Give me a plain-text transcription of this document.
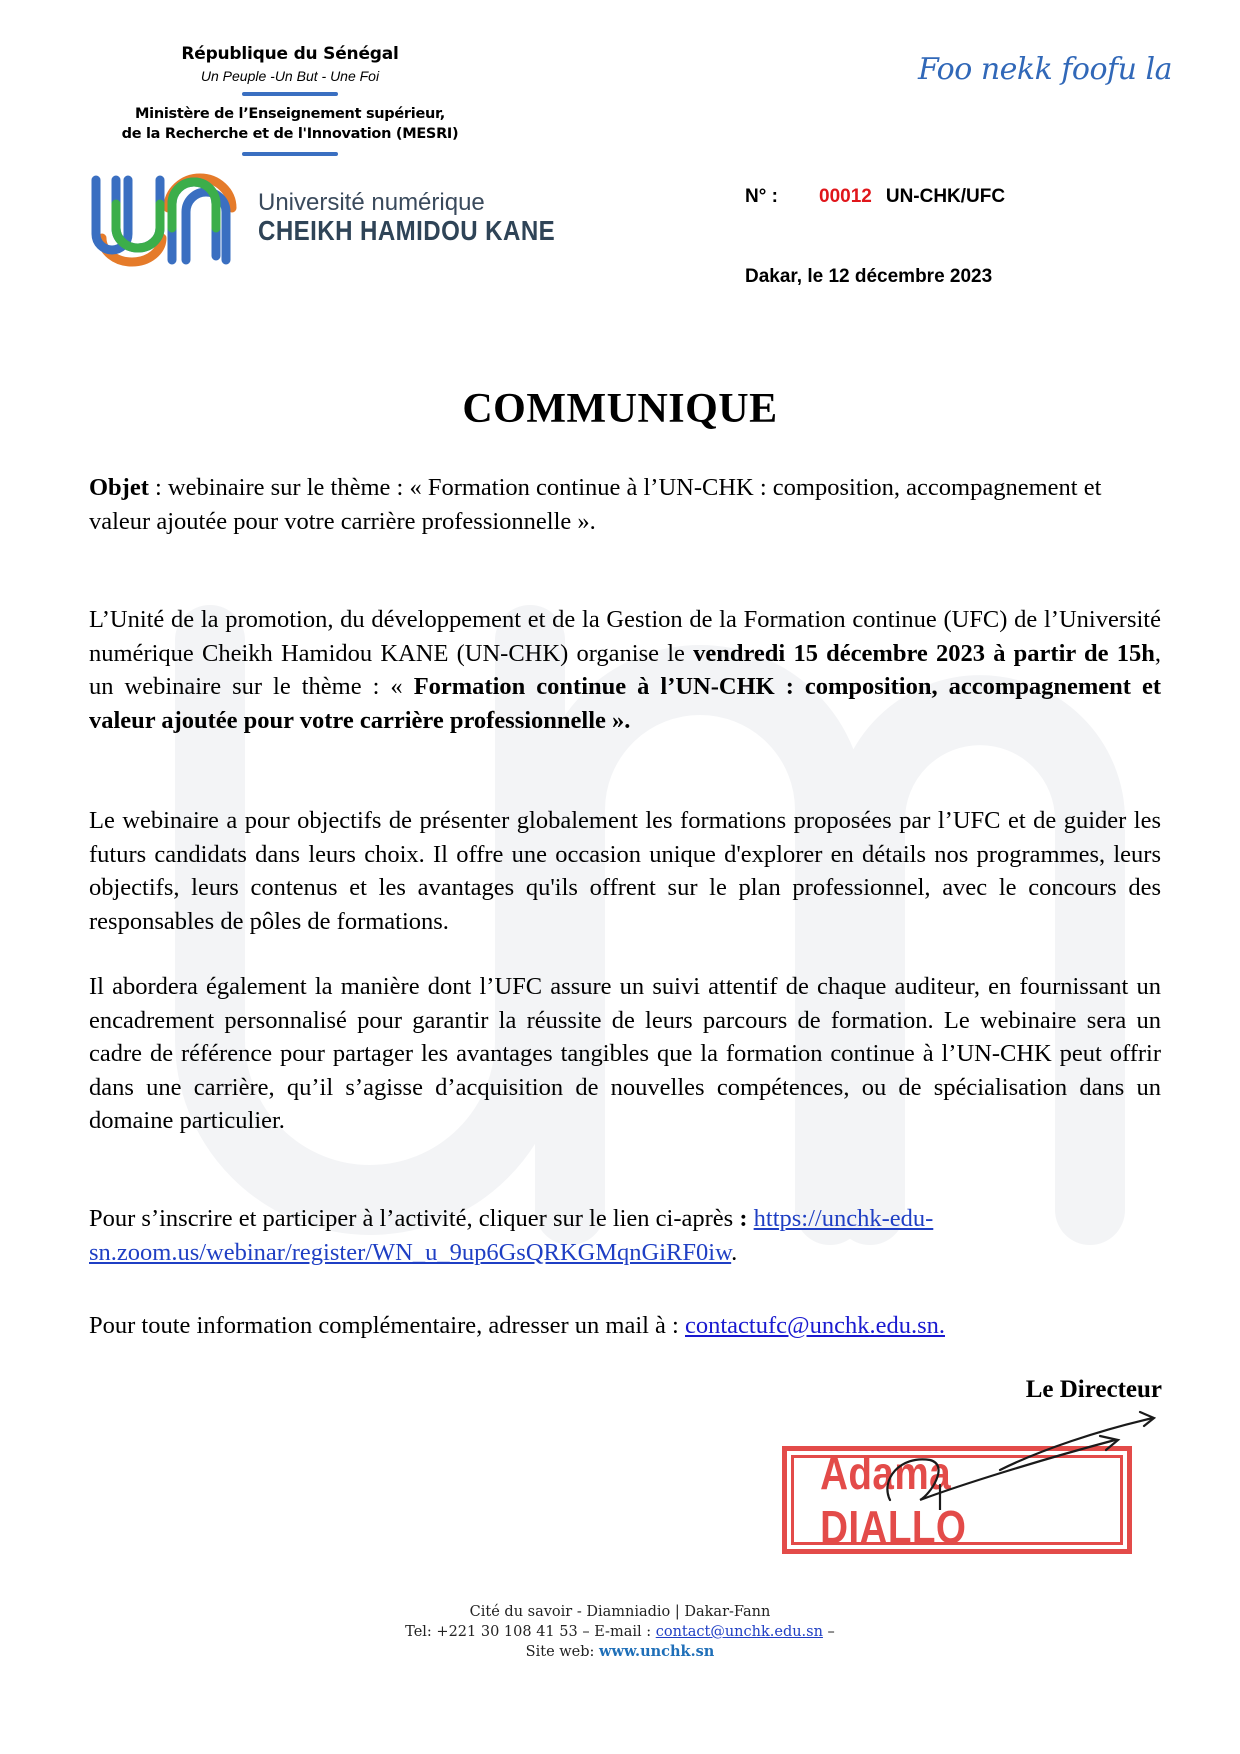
République du Sénégal
Un Peuple -Un But - Une Foi
Ministère de l’Enseignement supérieur,
de la Recherche et de l'Innovation (MESRI)
Université numérique
CHEIKH HAMIDOU KANE
Foo nekk foofu la
N° : 00012 UN-CHK/UFC
Dakar, le 12 décembre 2023
COMMUNIQUE
Objet : webinaire sur le thème : « Formation continue à l’UN-CHK : composition, accompagnement et valeur ajoutée pour votre carrière professionnelle ».
L’Unité de la promotion, du développement et de la Gestion de la Formation continue (UFC) de l’Université numérique Cheikh Hamidou KANE (UN-CHK) organise le vendredi 15 décembre 2023 à partir de 15h, un webinaire sur le thème : « Formation continue à l’UN-CHK : composition, accompagnement et valeur ajoutée pour votre carrière professionnelle ».
Le webinaire a pour objectifs de présenter globalement les formations proposées par l’UFC et de guider les futurs candidats dans leurs choix. Il offre une occasion unique d'explorer en détails nos programmes, leurs objectifs, leurs contenus et les avantages qu'ils offrent sur le plan professionnel, avec le concours des responsables de pôles de formations.
Il abordera également la manière dont l’UFC assure un suivi attentif de chaque auditeur, en fournissant un encadrement personnalisé pour garantir la réussite de leurs parcours de formation. Le webinaire sera un cadre de référence pour partager les avantages tangibles que la formation continue à l’UN-CHK peut offrir dans une carrière, qu’il s’agisse d’acquisition de nouvelles compétences, ou de spécialisation dans un domaine particulier.
Pour s’inscrire et participer à l’activité, cliquer sur le lien ci-après : https://unchk-edu-sn.zoom.us/webinar/register/WN_u_9up6GsQRKGMqnGiRF0iw.
Pour toute information complémentaire, adresser un mail à : contactufc@unchk.edu.sn.
Le Directeur
Adama DIALLO
Cité du savoir - Diamniadio | Dakar-Fann
Tel: +221 30 108 41 53 – E-mail : contact@unchk.edu.sn –
Site web: www.unchk.sn
